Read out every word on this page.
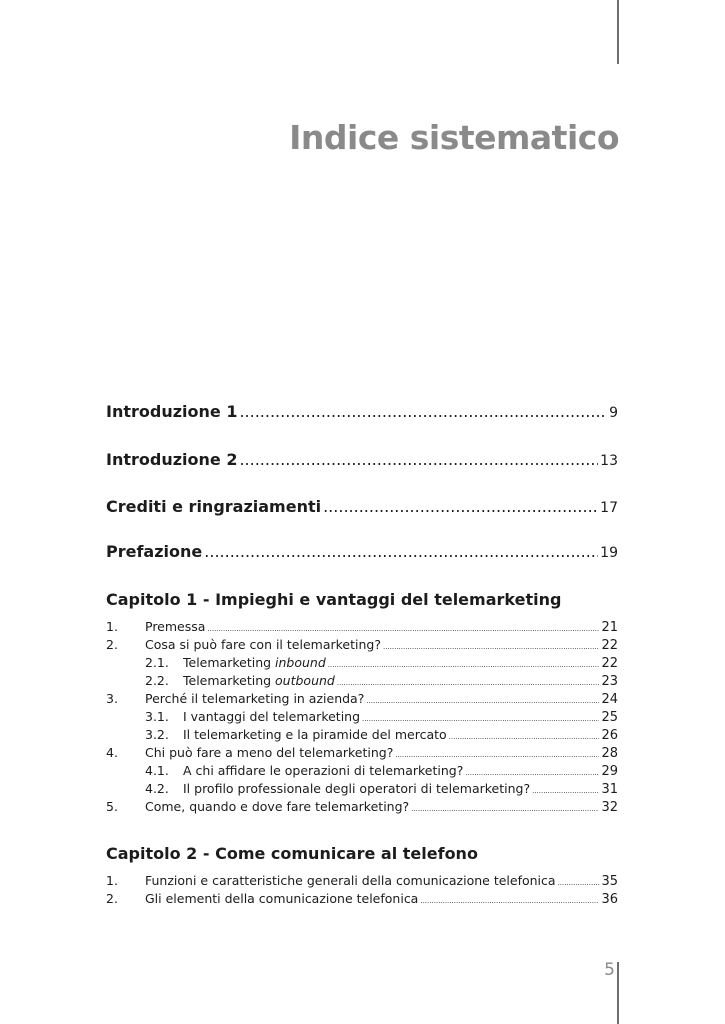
Indice sistematico
Introduzione 1 .....	9
Introduzione 2 .....	13
Crediti e ringraziamenti .....	17
Prefazione .....	19
Capitolo 1 - Impieghi e vantaggi del telemarketing
1.	Premessa .....	21
2.	Cosa si può fare con il telemarketing? .....	22
2.1.	Telemarketing inbound .....	22
2.2.	Telemarketing outbound .....	23
3.	Perché il telemarketing in azienda? .....	24
3.1.	I vantaggi del telemarketing .....	25
3.2.	Il telemarketing e la piramide del mercato .....	26
4.	Chi può fare a meno del telemarketing? .....	28
4.1.	A chi affidare le operazioni di telemarketing? .....	29
4.2.	Il profilo professionale degli operatori di telemarketing? .....	31
5.	Come, quando e dove fare telemarketing? .....	32
Capitolo 2 - Come comunicare al telefono
1.	Funzioni e caratteristiche generali della comunicazione telefonica .....	35
2.	Gli elementi della comunicazione telefonica .....	36
5
